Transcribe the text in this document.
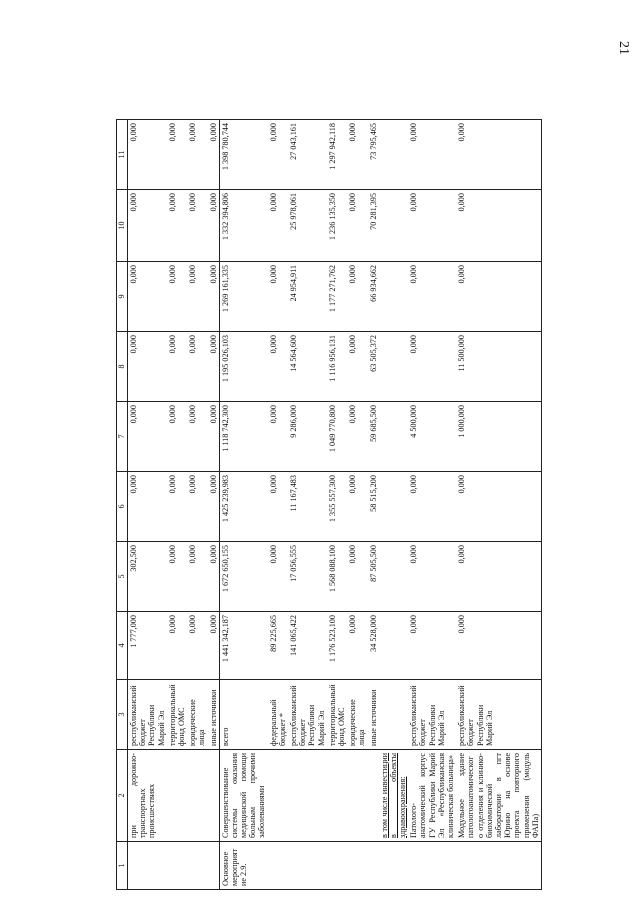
21
1	2	3	4	5	6	7	8	9	10	11
	при дорожно-транспортных происшествиях	республиканский бюджет Республики Марий Эл	1 777,000	302,500	0,000	0,000	0,000	0,000	0,000	0,000
		территориальный фонд ОМС	0,000	0,000	0,000	0,000	0,000	0,000	0,000	0,000
		юридические лица	0,000	0,000	0,000	0,000	0,000	0,000	0,000	0,000
		иные источники	0,000	0,000	0,000	0,000	0,000	0,000	0,000	0,000
Основное мероприятие 2.9.	Совершенствование системы оказания медицинской помощи больным прочими заболеваниями	всего	1 441 342,187	1 672 650,155	1 425 239,983	1 118 742,300	1 195 026,103	1 269 161,335	1 332 394,806	1 398 780,744
		федеральный бюджет *	89 225,665	0,000	0,000	0,000	0,000	0,000	0,000	0,000
		республиканский бюджет Республики Марий Эл	141 065,422	17 056,555	11 167,483	9 286,000	14 564,600	24 954,911	25 978,061	27 043,161
		территориальный фонд ОМС	1 176 523,100	1 568 088,100	1 355 557,300	1 049 770,800	1 116 956,131	1 177 271,762	1 236 135,350	1 297 942,118
		юридические лица	0,000	0,000	0,000	0,000	0,000	0,000	0,000	0,000
		иные источники	34 528,000	87 505,500	58 515,200	59 685,500	63 505,372	66 934,662	70 281,395	73 795,465
	в том числе инвестиции в объекты здравоохранения:									
	Патолого-анатомический корпус ГУ Республики Марий Эл «Республиканская клиническая больница»	республиканский бюджет Республики Марий Эл	0,000	0,000	0,000	4 500,000	0,000	0,000	0,000	0,000
	Модульное здание патологоанатомического отделения и клинико-биохимической лаборатории в пгт Юрино на основе проекта повторного применения (модуль ФАПа)	республиканский бюджет Республики Марий Эл	0,000	0,000	0,000	1 000,000	11 500,000	0,000	0,000	0,000
